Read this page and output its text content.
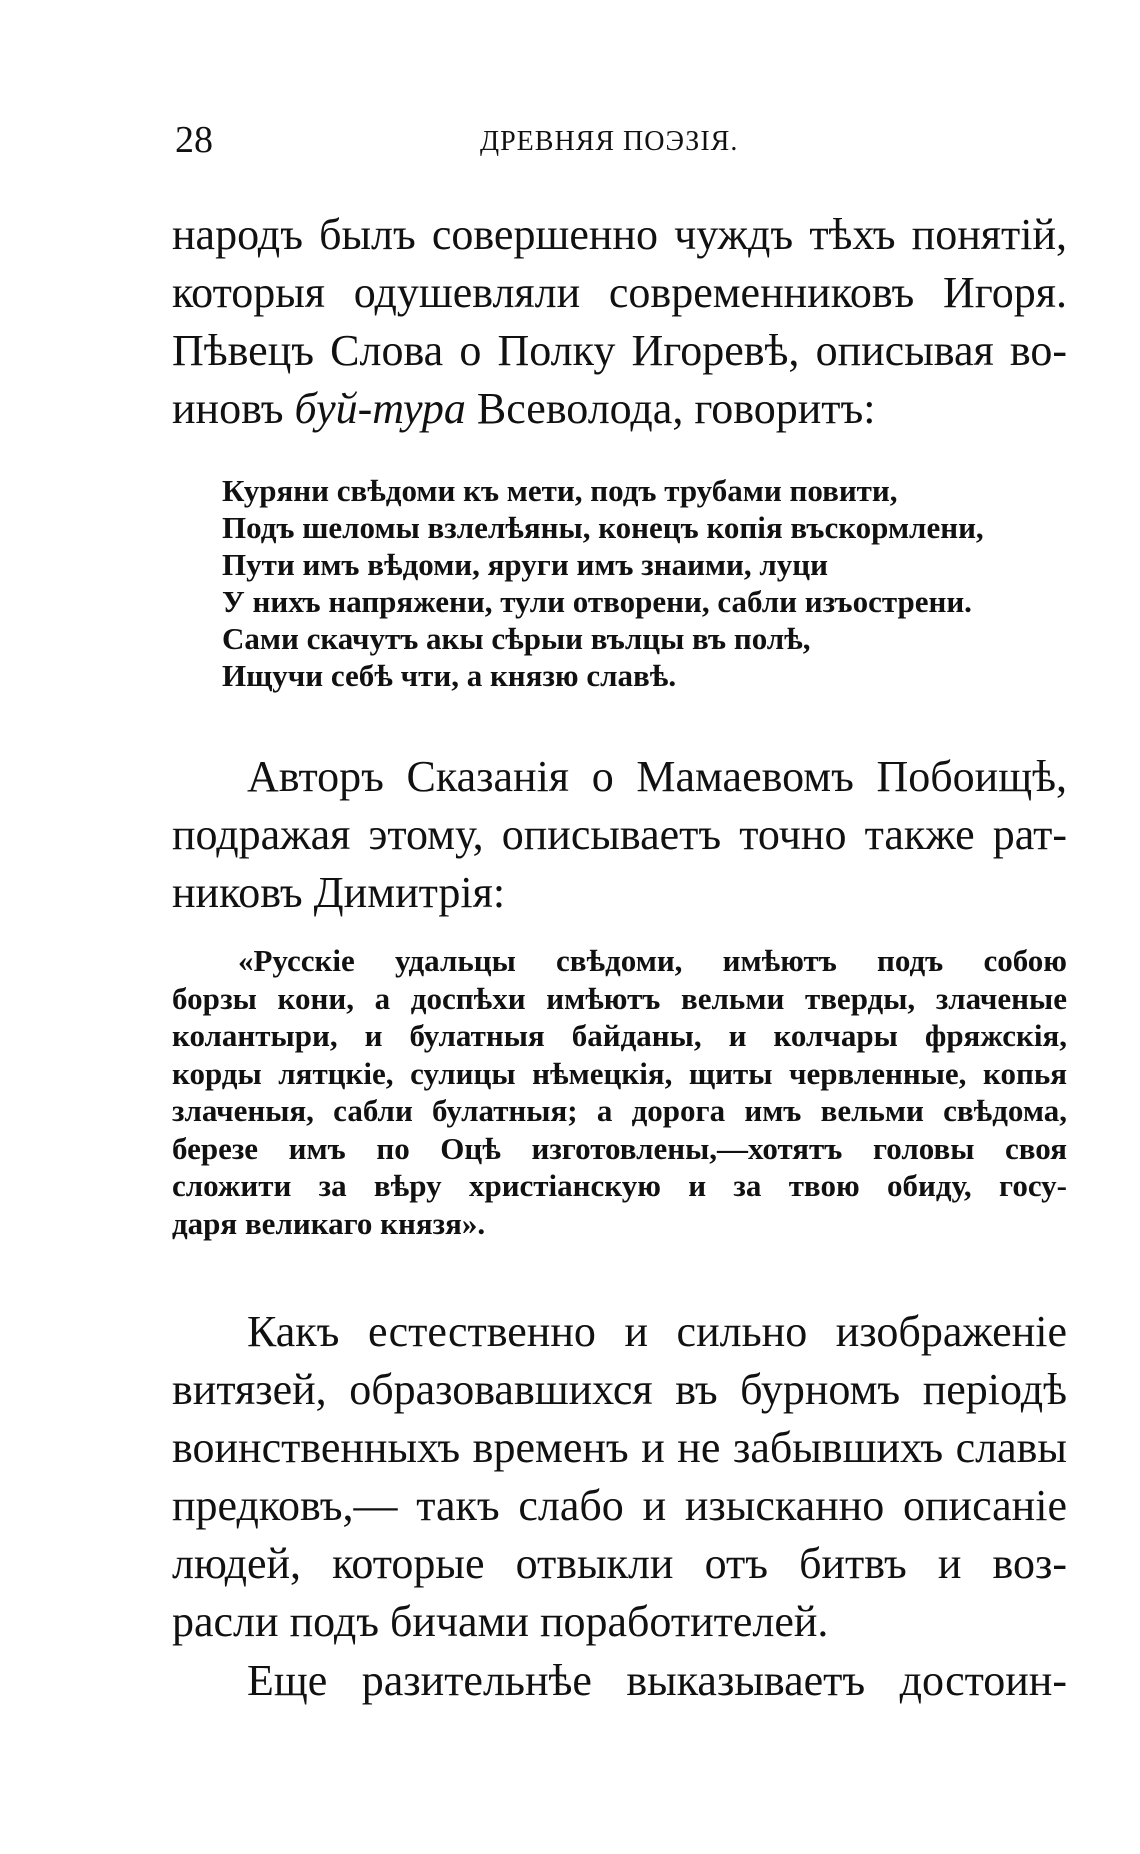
28	ДРЕВНЯЯ ПОЭЗІЯ.
народъ былъ совершенно чуждъ тѣхъ понятій,
которыя одушевляли современниковъ Игоря.
Пѣвецъ Слова о Полку Игоревѣ, описывая во-
иновъ буй-тура Всеволода, говоритъ:
Куряни свѣдоми къ мети, подъ трубами повити,
Подъ шеломы взлелѣяны, конецъ копія въскормлени,
Пути имъ вѣдоми, яруги имъ знаими, луци
У нихъ напряжени, тули отворени, сабли изъострени.
Сами скачутъ акы сѣрыи вълцы въ полѣ,
Ищучи себѣ чти, а князю славѣ.
Авторъ Сказанія о Мамаевомъ Побоищѣ,
подражая этому, описываетъ точно также рат-
никовъ Димитрія:
«Русскіе удальцы свѣдоми, имѣютъ подъ собою
борзы кони, а доспѣхи имѣютъ вельми тверды, злаченые
колантыри, и булатныя байданы, и колчары фряжскія,
корды лятцкіе, сулицы нѣмецкія, щиты червленные, копья
злаченыя, сабли булатныя; а дорога имъ вельми свѣдома,
березе имъ по Оцѣ изготовлены,—хотятъ головы своя
сложити за вѣру христіанскую и за твою обиду, госу-
даря великаго князя».
Какъ естественно и сильно изображеніе
витязей, образовавшихся въ бурномъ періодѣ
воинственныхъ временъ и не забывшихъ славы
предковъ,— такъ слабо и изысканно описаніе
людей, которые отвыкли отъ битвъ и воз-
расли подъ бичами поработителей.
Еще разительнѣе выказываетъ достоин-
